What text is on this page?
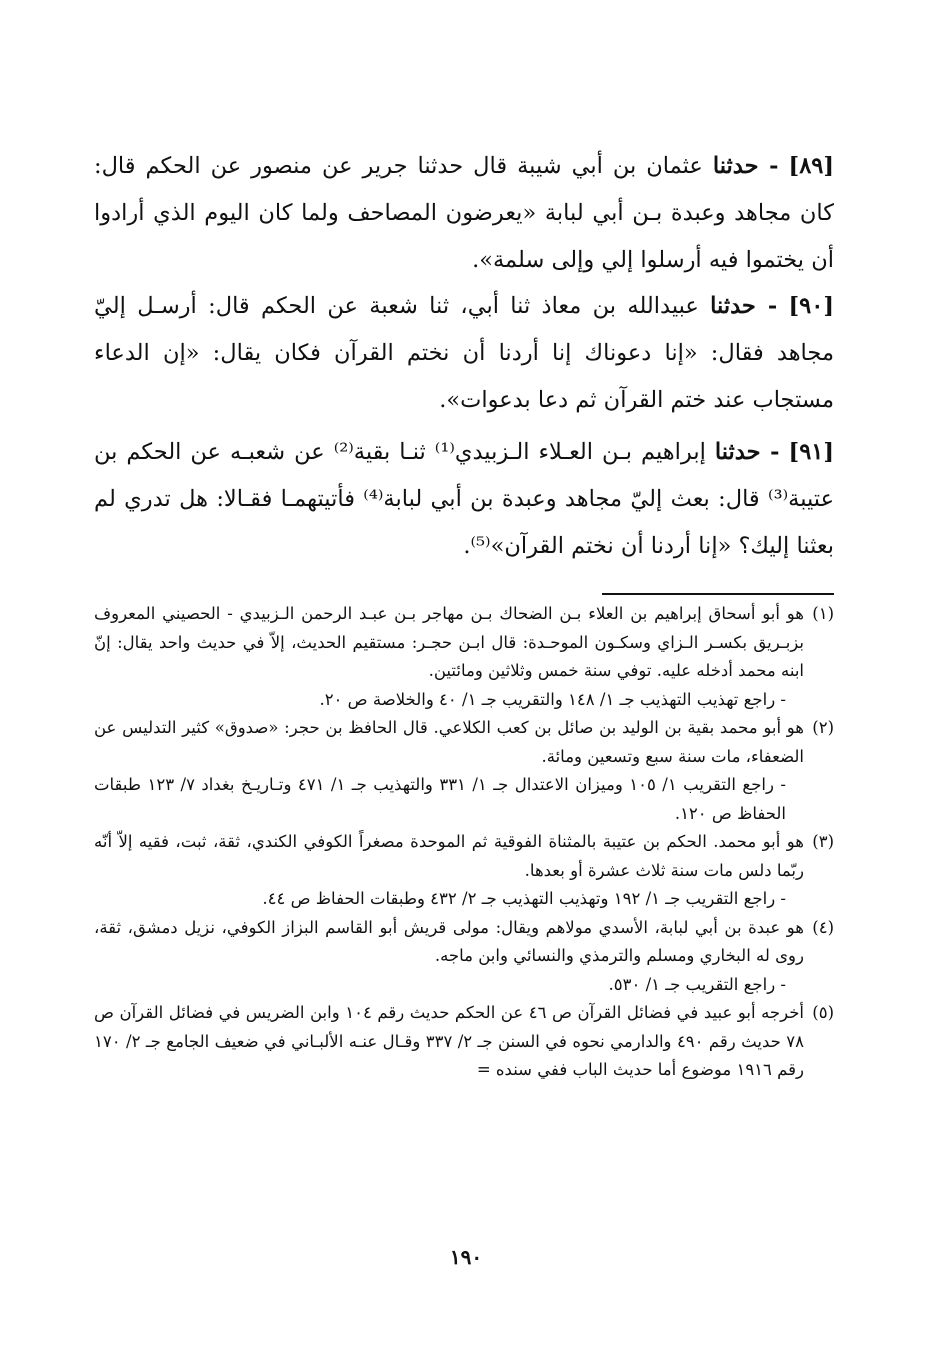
[٨٩] - حدثنا عثمان بن أبي شيبة قال حدثنا جرير عن منصور عن الحكم قال: كان مجاهد وعبدة بـن أبي لبابة «يعرضون المصاحف ولما كان اليوم الذي أرادوا أن يختموا فيه أرسلوا إلي وإلى سلمة».

[٩٠] - حدثنا عبيدالله بن معاذ ثنا أبي، ثنا شعبة عن الحكم قال: أرسـل إليّ مجاهد فقال: «إنا دعوناك إنا أردنا أن نختم القرآن فكان يقال: «إن الدعاء مستجاب عند ختم القرآن ثم دعا بدعوات».

[٩١] - حدثنا إبراهيم بـن العـلاء الـزبيدي⁽¹⁾ ثنـا بقية⁽²⁾ عن شعبـه عن الحكم بن عتيبة⁽³⁾ قال: بعث إليّ مجاهد وعبدة بن أبي لبابة⁽⁴⁾ فأتيتهمـا فقـالا: هل تدري لم بعثنا إليك؟ «إنا أردنا أن نختم القرآن»⁽⁵⁾.

(١)
هو أبو أسحاق إبراهيم بن العلاء بـن الضحاك بـن مهاجر بـن عبـد الرحمن الـزبيدي - الحصيني المعروف بزبـريق بكسـر الـزاي وسكـون الموحـدة: قال ابـن حجـر: مستقيم الحديث، إلاّ في حديث واحد يقال: إنّ ابنه محمد أدخله عليه. توفي سنة خمس وثلاثين ومائتين.
- راجع تهذيب التهذيب جـ ١/ ١٤٨ والتقريب جـ ١/ ٤٠ والخلاصة ص ٢٠.
(٢)
هو أبو محمد بقية بن الوليد بن صائل بن كعب الكلاعي. قال الحافظ بن حجر: «صدوق» كثير التدليس عن الضعفاء، مات سنة سبع وتسعين ومائة.
- راجع التقريب ١/ ١٠٥ وميزان الاعتدال جـ ١/ ٣٣١ والتهذيب جـ ١/ ٤٧١ وتـاريـخ بغداد ٧/ ١٢٣ طبقات الحفاظ ص ١٢٠.
(٣)
هو أبو محمد. الحكم بن عتيبة بالمثناة الفوقية ثم الموحدة مصغراً الكوفي الكندي، ثقة، ثبت، فقيه إلاّ أنّه ربّما دلس مات سنة ثلاث عشرة أو بعدها.
- راجع التقريب جـ ١/ ١٩٢ وتهذيب التهذيب جـ ٢/ ٤٣٢ وطبقات الحفاظ ص ٤٤.
(٤)
هو عبدة بن أبي لبابة، الأسدي مولاهم ويقال: مولى قريش أبو القاسم البزاز الكوفي، نزيل دمشق، ثقة، روى له البخاري ومسلم والترمذي والنسائي وابن ماجه.
- راجع التقريب جـ ١/ ٥٣٠.
(٥)
أخرجه أبو عبيد في فضائل القرآن ص ٤٦ عن الحكم حديث رقم ١٠٤ وابن الضريس في فضائل القرآن ص ٧٨ حديث رقم ٤٩٠ والدارمي نحوه في السنن جـ ٢/ ٣٣٧ وقـال عنـه الألبـاني في ضعيف الجامع جـ ٢/ ١٧٠ رقم ١٩١٦ موضوع أما حديث الباب ففي سنده =
١٩٠
